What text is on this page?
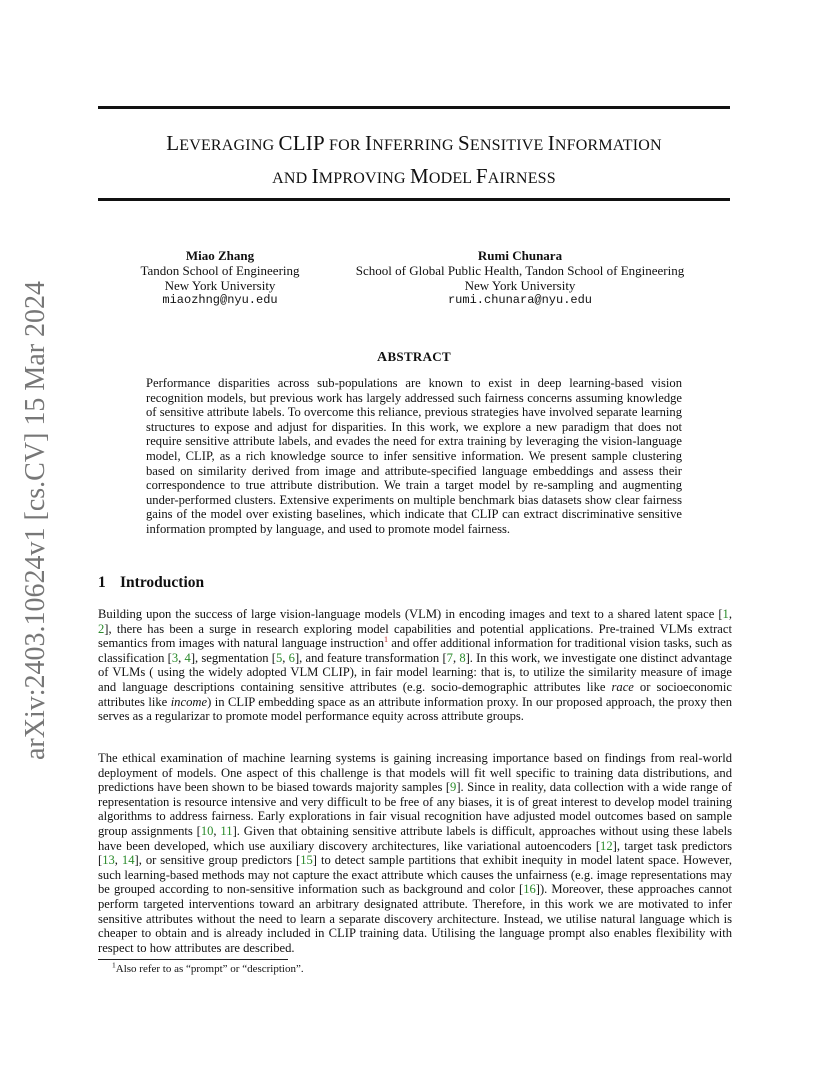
LEVERAGING CLIP FOR INFERRING SENSITIVE INFORMATION
AND IMPROVING MODEL FAIRNESS
Miao Zhang
Tandon School of Engineering
New York University
miaozhng@nyu.edu
Rumi Chunara
School of Global Public Health, Tandon School of Engineering
New York University
rumi.chunara@nyu.edu
arXiv:2403.10624v1 [cs.CV] 15 Mar 2024	ABSTRACT

Performance disparities across sub-populations are known to exist in deep learning-based vision recognition models, but previous work has largely addressed such fairness concerns assuming knowledge of sensitive attribute labels. To overcome this reliance, previous strategies have involved separate learning structures to expose and adjust for disparities. In this work, we explore a new paradigm that does not require sensitive attribute labels, and evades the need for extra training by leveraging the vision-language model, CLIP, as a rich knowledge source to infer sensitive information. We present sample clustering based on similarity derived from image and attribute-specified language embeddings and assess their correspondence to true attribute distribution. We train a target model by re-sampling and augmenting under-performed clusters. Extensive experiments on multiple benchmark bias datasets show clear fairness gains of the model over existing baselines, which indicate that CLIP can extract discriminative sensitive information prompted by language, and used to promote model fairness.

1 Introduction

Building upon the success of large vision-language models (VLM) in encoding images and text to a shared latent space [1, 2], there has been a surge in research exploring model capabilities and potential applications. Pre-trained VLMs extract semantics from images with natural language instruction$^1$ and offer additional information for traditional vision tasks, such as classification [3, 4], segmentation [5, 6], and feature transformation [7, 8]. In this work, we investigate one distinct advantage of VLMs ( using the widely adopted VLM CLIP), in fair model learning: that is, to utilize the similarity measure of image and language descriptions containing sensitive attributes (e.g. socio-demographic attributes like race or socioeconomic attributes like income) in CLIP embedding space as an attribute information proxy. In our proposed approach, the proxy then serves as a regularizar to promote model performance equity across attribute groups.

The ethical examination of machine learning systems is gaining increasing importance based on findings from real-world deployment of models. One aspect of this challenge is that models will fit well specific to training data distributions, and predictions have been shown to be biased towards majority samples [9]. Since in reality, data collection with a wide range of representation is resource intensive and very difficult to be free of any biases, it is of great interest to develop model training algorithms to address fairness. Early explorations in fair visual recognition have adjusted model outcomes based on sample group assignments [10, 11]. Given that obtaining sensitive attribute labels is difficult, approaches without using these labels have been developed, which use auxiliary discovery architectures, like variational autoencoders [12], target task predictors [13, 14], or sensitive group predictors [15] to detect sample partitions that exhibit inequity in model latent space. However, such learning-based methods may not capture the exact attribute which causes the unfairness (e.g. image representations may be grouped according to non-sensitive information such as background and color [16]). Moreover, these approaches cannot perform targeted interventions toward an arbitrary designated attribute. Therefore, in this work we are motivated to infer sensitive attributes without the need to learn a separate discovery architecture. Instead, we utilise natural language which is cheaper to obtain and is already included in CLIP training data. Utilising the language prompt also enables flexibility with respect to how attributes are described.

$^1$Also refer to as “prompt” or “description”.
